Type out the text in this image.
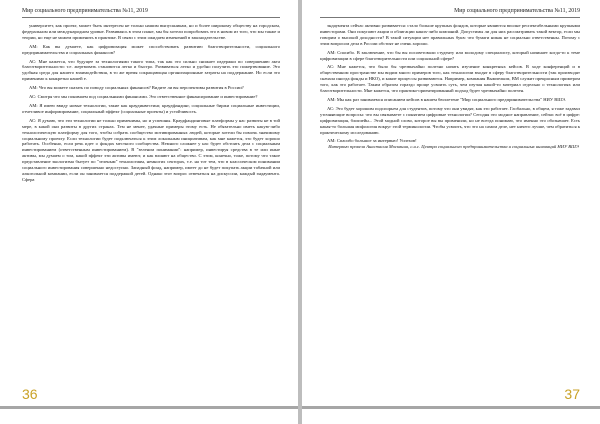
Мир социального предпринимательства №11, 2019

университет, как проект, может быть интересен не только нашим выпускникам, но и более широкому обществу на городском, федеральном или международном уровне. Развиваясь в этом плане, мы бы хотели попробовать это в новом из того, что мы также и теории, но еще не можем применить в практике. В связи с этим ожидаем изменений в законодательстве.

АМ: Как вы думаете, как цифровизация может способствовать развитию благотворительности, социального предпринимательства и социальных финансов?

АС: Мне кажется, что будущее за технологиями такого типа, так как это сильно снижает издержки по совершению акта благотворительности: т.е. жертвовать становится легко и быстро. Развиваться легко и удобно получить это пожертвование. Это удобная среда для нашего взаимодействия, в то же время сокращающая организационные затраты на поддержание. Но если это применимо к конкретно нашей е.

АМ: Что вы можете сказать по поводу социальных финансов? Видите ли вы перспективы развития в России?

АС: Смотря что мы понимаем под социальными финансами. Это ответственное финансирование и инвестирование?

АМ: Я имею ввиду новые технологии, такие как краудинвестинг, краудфандинг, социальные биржи социальные инвестиции, отчетливое информирование, социальный эффект (социальные проекты) и устойчивость.

АС: Я думаю, что эти технологии не только применимы, но и успешны. Краудфандинговые платформы у нас развиты не в той мере, в какой они развиты в других странах. Тем не менее, удачные примеры этому есть. Не обязательно иметь какую-либо технологическую платформу для того, чтобы собрать сообщество мотивированных людей, которые хотели бы помочь значимому социальному проекту. Если технологии будет подключаться к этим локальным инициативам, как мне кажется, это будет хорошо работать. Особенно, если речь идет о фондах местного сообщества. Немного сложнее у нас будет обстоять дела с социальным инвестированием (ответственным инвестированием). В "зеленом понимании": например, инвестируя средства в те или иные активы, мы думаем о том, какой эффект эти активы имеют, и как влияют на общество. С этим, конечно, тоже, потому что такое представление экологизма бытует по "зеленым" технологиям, немногих секторах, т.е. на тот тем, что в классическом понимании социального инвестирования совершенно недоступно. Западный фонд, например, имеет до не будет покупать акции табачной или алкогольной компании, если он занимается поддержкой детей. Однако этот вопрос отвечаться на дискуссии, каждый эндаумента. Сфера

36
Мир социального предпринимательства №11, 2019

эндаумента сейчас активно развивается: стало больше крупных фондов, которые являются вполне респектабельными крупными инвесторами. Они покупают акции и облигации каких-либо компаний. Допустимы ли для них рассматривать такой вектор, если мы говорим о высокой доходности? В такой ситуации нет правильных букв: что бумаги никак не социально ответственны. Потому с этим вопросом дела в России обстоят не очень хорошо.

АМ: Спасибо. В заключение, что бы вы посоветовали студенту или молодому специалисту, который начинает когда-то к теме цифровизации в сфере благотворительности или социальной сфере?

АС: Мне кажется, что было бы чрезвычайно полезно начать изучение конкретных кейсов. В ходе конференций и в общественном пространстве мы видим много примеров того, как технологии входят в сферу благотворительности (так производят сначала иногда фонды и НКО), и какие процессы развиваются. Например, компания Вымпелком, ВМ служит прекрасным примером того, как это работает. Таким образом гораздо проще усвоить суть, чем изучая какой-то материал отдельно о технологиях или благотворительности. Мне кажется, что практико-ориентированный подход будет чрезвычайно полезен.

АМ: Мы как раз занимаемся описанием кейсов в нашем бюллетене "Мир социального предпринимательства" НИУ ВШЭ.

АС: Это будет хорошим подспорьем для студентов, потому что они увидят, как это работает. Глобально, в общем, я тоже задавал уточняющие вопросы: что вы связываете с понятием цифровые технологии? Сегодня это модное направление, сейчас всё в цифре: цифровизация, блокчейн... Этой модной слово, которое вы вы применили, но не всегда понимаю, что именно это обозначает. Есть какая-то большая мифология вокруг этой терминологии. Чтобы усвоить, что это на самом деле, нет ничего лучше, чем обратиться к практическому исследованию.

АМ: Спасибо большое за интервью! Успехов!

Интервью провела Анастасия Москвина, с.н.с. Центра социального предпринимательства и социальных инноваций НИУ ВШЭ

37
